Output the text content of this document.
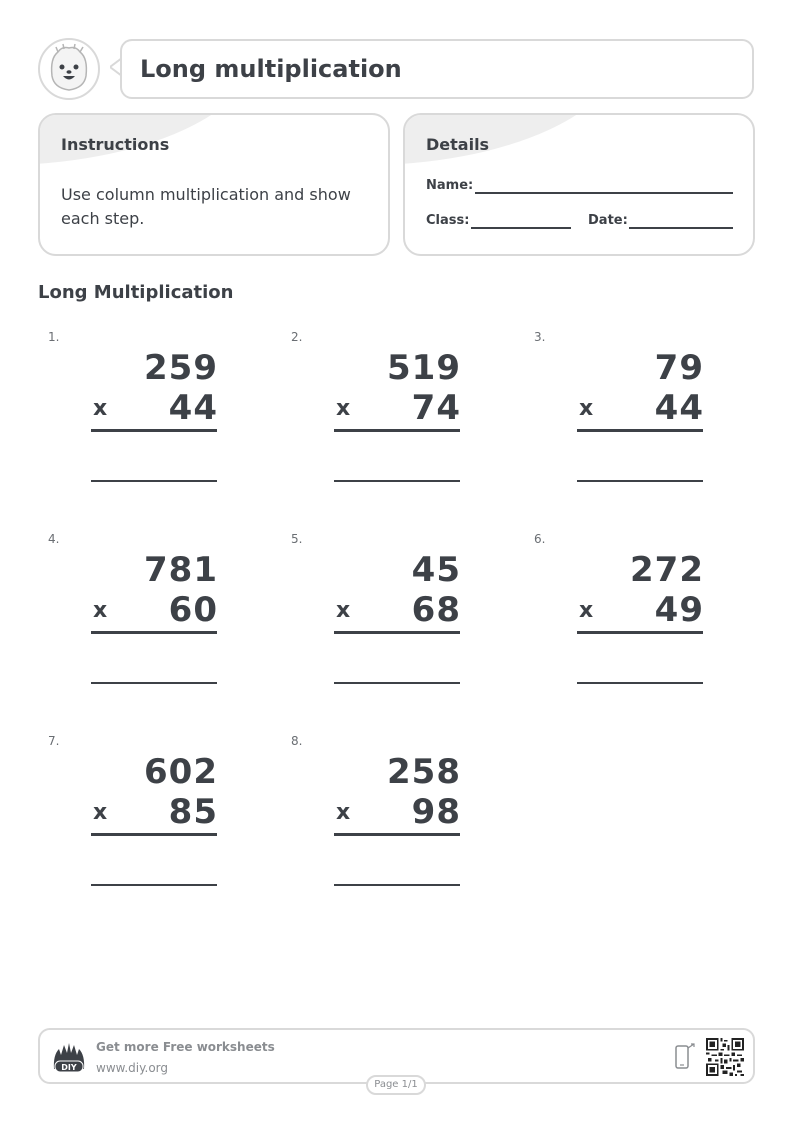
Long multiplication
Instructions
Use column multiplication and show each step.
Details
Name:
Class:	Date:
Long Multiplication
1.
259
x 44
2.
519
x 74
3.
79
x 44
4.
781
x 60
5.
45
x 68
6.
272
x 49
7.
602
x 85
8.
258
x 98
DIY
Get more Free worksheets
www.diy.org
Page 1/1
